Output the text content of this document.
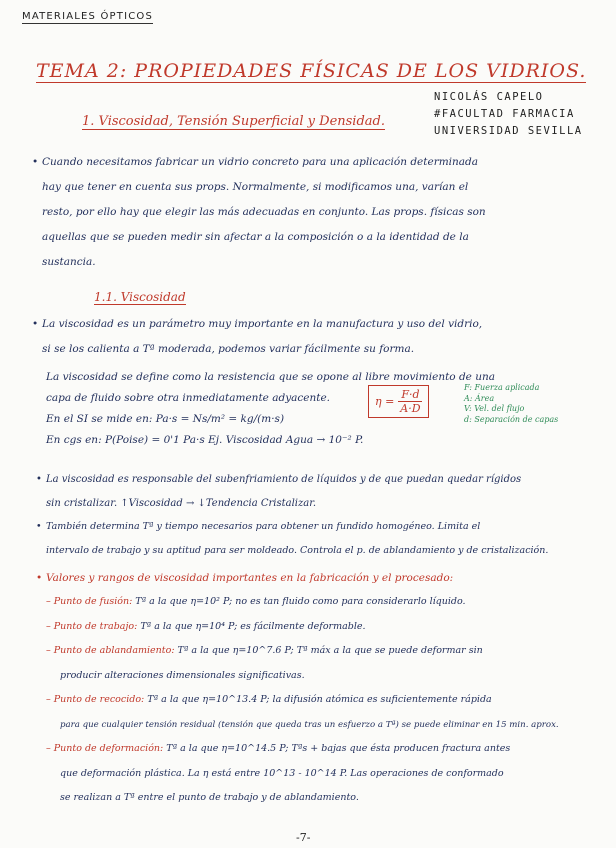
MATERIALES ÓPTICOS
TEMA 2: PROPIEDADES FÍSICAS DE LOS VIDRIOS.
NICOLÁS CAPELO
#FACULTAD FARMACIA
UNIVERSIDAD SEVILLA
1. Viscosidad, Tensión Superficial y Densidad.
• Cuando necesitamos fabricar un vidrio concreto para una aplicación determinada
hay que tener en cuenta sus props. Normalmente, si modificamos una, varían el
resto, por ello hay que elegir las más adecuadas en conjunto. Las props. físicas son
aquellas que se pueden medir sin afectar a la composición o a la identidad de la
sustancia.
1.1. Viscosidad
• La viscosidad es un parámetro muy importante en la manufactura y uso del vidrio,
si se los calienta a Tª moderada, podemos variar fácilmente su forma.
La viscosidad se define como la resistencia que se opone al libre movimiento de una
capa de fluido sobre otra inmediatamente adyacente.
En el SI se mide en: Pa·s = Ns/m² = kg/(m·s)
En cgs en: P(Poise) = 0'1 Pa·s Ej. Viscosidad Agua → 10⁻² P.
$\eta = \frac{F\cdot d}{A\cdot D}$
F: Fuerza aplicada
A: Área
V: Vel. del flujo
d: Separación de capas
• La viscosidad es responsable del subenfriamiento de líquidos y de que puedan quedar rígidos
sin cristalizar. ↑Viscosidad → ↓Tendencia Cristalizar.
• También determina Tª y tiempo necesarios para obtener un fundido homogéneo. Limita el
intervalo de trabajo y su aptitud para ser moldeado. Controla el p. de ablandamiento y de cristalización.
• Valores y rangos de viscosidad importantes en la fabricación y el procesado:
– Punto de fusión: Tª a la que η=10² P; no es tan fluido como para considerarlo líquido.
– Punto de trabajo: Tª a la que η=10⁴ P; es fácilmente deformable.
– Punto de ablandamiento: Tª a la que η=10^7.6 P; Tª máx a la que se puede deformar sin
producir alteraciones dimensionales significativas.
– Punto de recocido: Tª a la que η=10^13.4 P; la difusión atómica es suficientemente rápida
para que cualquier tensión residual (tensión que queda tras un esfuerzo a Tª) se puede eliminar en 15 min. aprox.
– Punto de deformación: Tª a la que η=10^14.5 P; Tªs + bajas que ésta producen fractura antes
que deformación plástica. La η está entre 10^13 - 10^14 P. Las operaciones de conformado
se realizan a Tª entre el punto de trabajo y de ablandamiento.
-7-
